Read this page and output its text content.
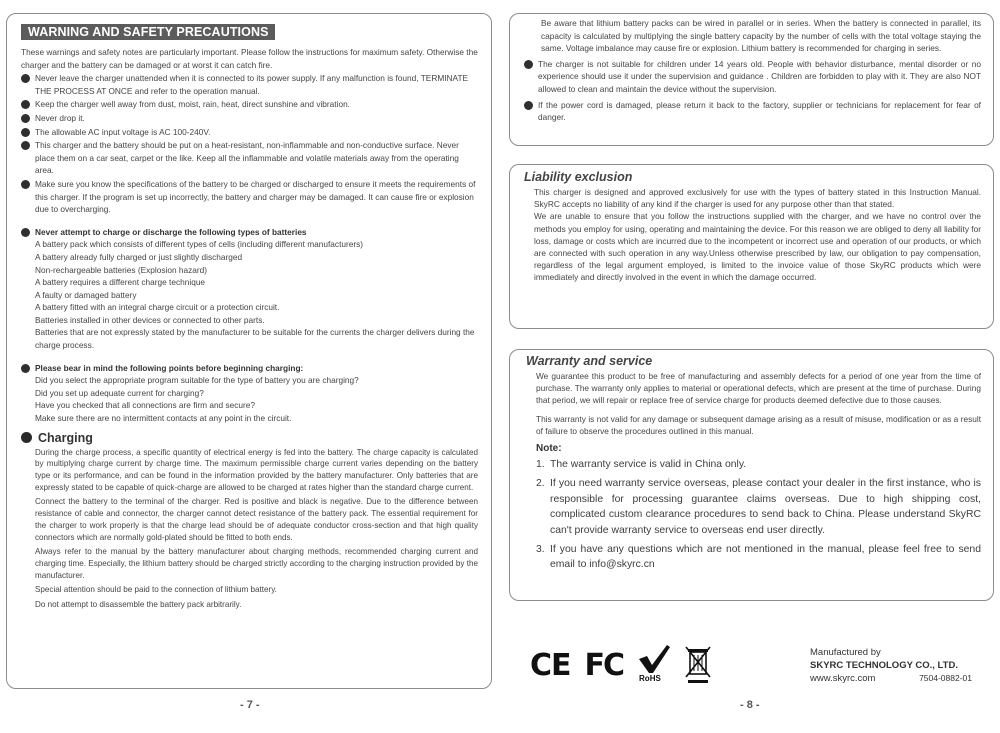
WARNING AND SAFETY PRECAUTIONS
These warnings and safety notes are particularly important. Please follow the instructions for maximum safety. Otherwise the charger and the battery can be damaged or at worst it can catch fire.
Never leave the charger unattended when it is connected to its power supply. If any malfunction is found, TERMINATE THE PROCESS AT ONCE and refer to the operation manual.
Keep the charger well away from dust, moist, rain, heat, direct sunshine and vibration.
Never drop it.
The allowable AC input voltage is AC 100-240V.
This charger and the battery should be put on a heat-resistant, non-inflammable and non-conductive surface. Never place them on a car seat, carpet or the like. Keep all the inflammable and volatile materials away from the operating area.
Make sure you know the specifications of the battery to be charged or discharged to ensure it meets the requirements of this charger. If the program is set up incorrectly, the battery and charger may be damaged. It can cause fire or explosion due to overcharging.
Never attempt to charge or discharge the following types of batteries
A battery pack which consists of different types of cells (including different manufacturers)
A battery already fully charged or just slightly discharged
Non-rechargeable batteries (Explosion hazard)
A battery requires a different charge technique
A faulty or damaged battery
A battery fitted with an integral charge circuit or a protection circuit.
Batteries installed in other devices or connected to other parts.
Batteries that are not expressly stated by the manufacturer to be suitable for the currents the charger delivers during the charge process.
Please bear in mind the following points before beginning charging:
Did you select the appropriate program suitable for the type of battery you are charging?
Did you set up adequate current for charging?
Have you checked that all connections are firm and secure?
Make sure there are no intermittent contacts at any point in the circuit.
Charging
During the charge process, a specific quantity of electrical energy is fed into the battery. The charge capacity is calculated by multiplying charge current by charge time. The maximum permissible charge current varies depending on the battery type or its performance, and can be found in the information provided by the battery manufacturer. Only batteries that are expressly stated to be capable of quick-charge are allowed to be charged at rates higher than the standard charge current.
Connect the battery to the terminal of the charger. Red is positive and black is negative. Due to the difference between resistance of cable and connector, the charger cannot detect resistance of the battery pack. The essential requirement for the charger to work properly is that the charge lead should be of adequate conductor cross-section and that high quality connectors which are normally gold-plated should be fitted to both ends.
Always refer to the manual by the battery manufacturer about charging methods, recommended charging current and charging time. Especially, the lithium battery should be charged strictly according to the charging instruction provided by the manufacturer.
Special attention should be paid to the connection of lithium battery.
Do not attempt to disassemble the battery pack arbitrarily.
- 7 -
Be aware that lithium battery packs can be wired in parallel or in series. When the battery is connected in parallel, its capacity is calculated by multiplying the single battery capacity by the number of cells with the total voltage staying the same. Voltage imbalance may cause fire or explosion. Lithium battery is recommended for charging in series.
The charger is not suitable for children under 14 years old. People with behavior disturbance, mental disorder or no experience should use it under the supervision and guidance . Children are forbidden to play with it. They are also NOT allowed to clean and maintain the device without the supervision.
If the power cord is damaged, please return it back to the factory, supplier or technicians for replacement for fear of danger.
Liability exclusion
This charger is designed and approved exclusively for use with the types of battery stated in this Instruction Manual. SkyRC accepts no liability of any kind if the charger is used for any purpose other than that stated.
We are unable to ensure that you follow the instructions supplied with the charger, and we have no control over the methods you employ for using, operating and maintaining the device. For this reason we are obliged to deny all liability for loss, damage or costs which are incurred due to the incompetent or incorrect use and operation of our products, or which are connected with such operation in any way.Unless otherwise prescribed by law, our obligation to pay compensation, regardless of the legal argument employed, is limited to the invoice value of those SkyRC products which were immediately and directly involved in the event in which the damage occurred.
Warranty and service
We guarantee this product to be free of manufacturing and assembly defects for a period of one year from the time of purchase. The warranty only applies to material or operational defects, which are present at the time of purchase. During that period, we will repair or replace free of service charge for products deemed defective due to those causes.
This warranty is not valid for any damage or subsequent damage arising as a result of misuse, modification or as a result of failure to observe the procedures outlined in this manual.
Note:
1. The warranty service is valid in China only.
2. If you need warranty service overseas, please contact your dealer in the first instance, who is responsible for processing guarantee claims overseas. Due to high shipping cost, complicated custom clearance procedures to send back to China. Please understand SkyRC can't provide warranty service to overseas end user directly.
3. If you have any questions which are not mentioned in the manual, please feel free to send email to info@skyrc.cn
CE FC RoHS
Manufactured by
SKYRC TECHNOLOGY CO., LTD.
www.skyrc.com	7504-0882-01
- 8 -
